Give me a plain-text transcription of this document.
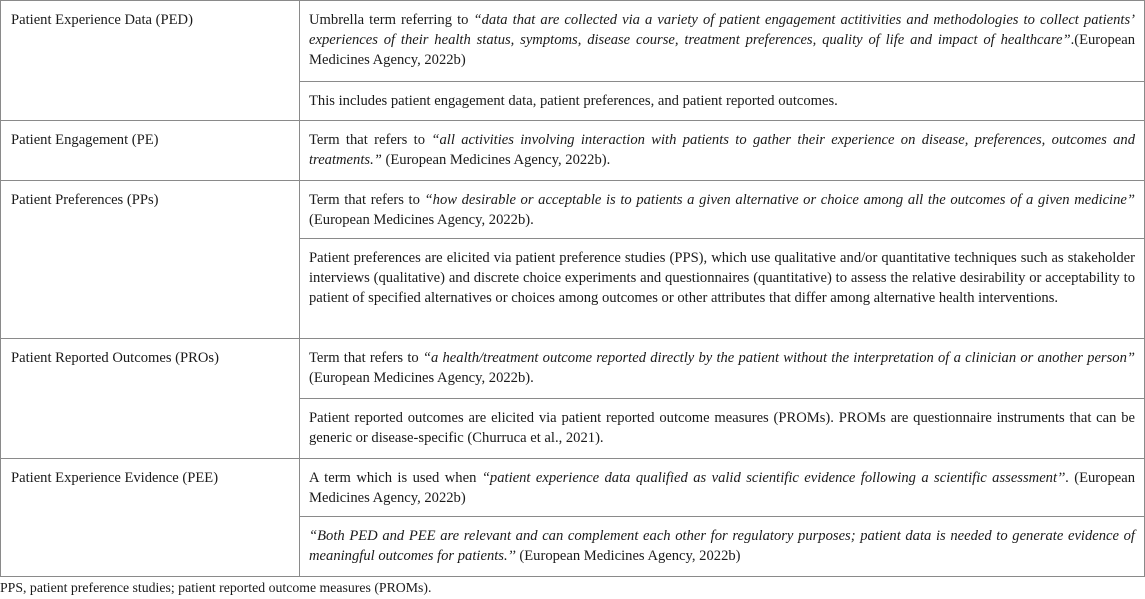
Patient Experience Data (PED)	Umbrella term referring to “data that are collected via a variety of patient engagement actitivities and methodologies to collect patients’ experiences of their health status, symptoms, disease course, treatment preferences, quality of life and impact of healthcare”.(European Medicines Agency, 2022b)

	This includes patient engagement data, patient preferences, and patient reported outcomes.

Patient Engagement (PE)	Term that refers to “all activities involving interaction with patients to gather their experience on disease, preferences, outcomes and treatments.” (European Medicines Agency, 2022b).

Patient Preferences (PPs)	Term that refers to “how desirable or acceptable is to patients a given alternative or choice among all the outcomes of a given medicine” (European Medicines Agency, 2022b).

	Patient preferences are elicited via patient preference studies (PPS), which use qualitative and/or quantitative techniques such as stakeholder interviews (qualitative) and discrete choice experiments and questionnaires (quantitative) to assess the relative desirability or acceptability to patient of specified alternatives or choices among outcomes or other attributes that differ among alternative health interventions.

Patient Reported Outcomes (PROs)	Term that refers to “a health/treatment outcome reported directly by the patient without the interpretation of a clinician or another person” (European Medicines Agency, 2022b).

	Patient reported outcomes are elicited via patient reported outcome measures (PROMs). PROMs are questionnaire instruments that can be generic or disease-specific (Churruca et al., 2021).

Patient Experience Evidence (PEE)	A term which is used when “patient experience data qualified as valid scientific evidence following a scientific assessment’’. (European Medicines Agency, 2022b)

	“Both PED and PEE are relevant and can complement each other for regulatory purposes; patient data is needed to generate evidence of meaningful outcomes for patients.’’ (European Medicines Agency, 2022b)
PPS, patient preference studies; patient reported outcome measures (PROMs).
